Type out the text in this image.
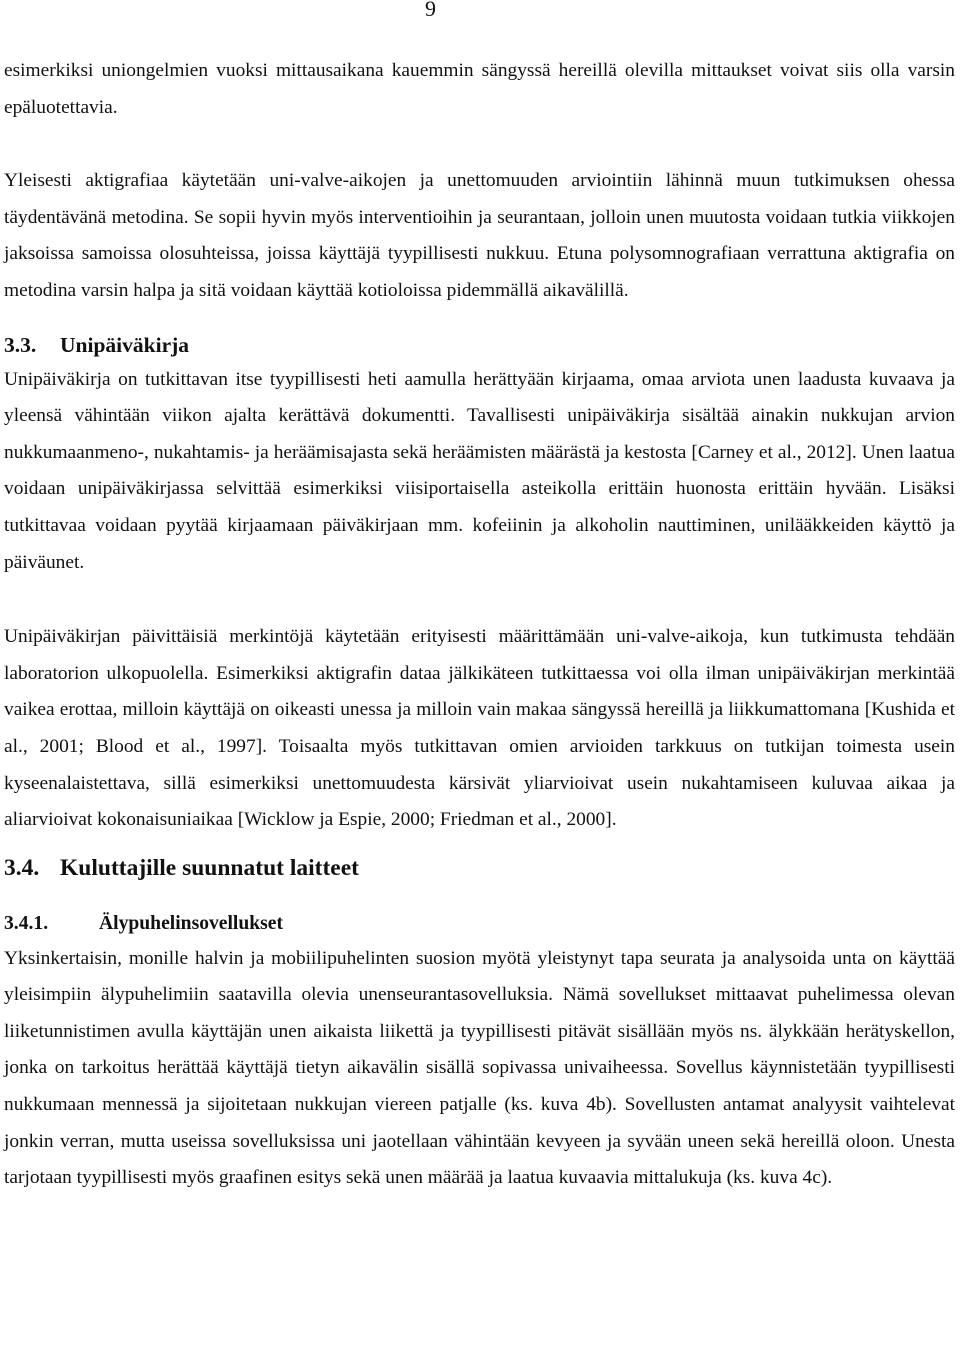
9

esimerkiksi uniongelmien vuoksi mittausaikana kauemmin sängyssä hereillä olevilla mittaukset voivat siis olla varsin epäluotettavia.

Yleisesti aktigrafiaa käytetään uni-valve-aikojen ja unettomuuden arviointiin lähinnä muun tutkimuksen ohessa täydentävänä metodina. Se sopii hyvin myös interventioihin ja seurantaan, jolloin unen muutosta voidaan tutkia viikkojen jaksoissa samoissa olosuhteissa, joissa käyttäjä tyypillisesti nukkuu. Etuna polysomnografiaan verrattuna aktigrafia on metodina varsin halpa ja sitä voidaan käyttää kotioloissa pidemmällä aikavälillä.

3.3. Unipäiväkirja

Unipäiväkirja on tutkittavan itse tyypillisesti heti aamulla herättyään kirjaama, omaa arviota unen laadusta kuvaava ja yleensä vähintään viikon ajalta kerättävä dokumentti. Tavallisesti unipäiväkirja sisältää ainakin nukkujan arvion nukkumaanmeno-, nukahtamis- ja heräämisajasta sekä heräämisten määrästä ja kestosta [Carney et al., 2012]. Unen laatua voidaan unipäiväkirjassa selvittää esimerkiksi viisiportaisella asteikolla erittäin huonosta erittäin hyvään. Lisäksi tutkittavaa voidaan pyytää kirjaamaan päiväkirjaan mm. kofeiinin ja alkoholin nauttiminen, unilääkkeiden käyttö ja päiväunet.

Unipäiväkirjan päivittäisiä merkintöjä käytetään erityisesti määrittämään uni-valve-aikoja, kun tutkimusta tehdään laboratorion ulkopuolella. Esimerkiksi aktigrafin dataa jälkikäteen tutkittaessa voi olla ilman unipäiväkirjan merkintää vaikea erottaa, milloin käyttäjä on oikeasti unessa ja milloin vain makaa sängyssä hereillä ja liikkumattomana [Kushida et al., 2001; Blood et al., 1997]. Toisaalta myös tutkittavan omien arvioiden tarkkuus on tutkijan toimesta usein kyseenalaistettava, sillä esimerkiksi unettomuudesta kärsivät yliarvioivat usein nukahtamiseen kuluvaa aikaa ja aliarvioivat kokonaisuniaikaa [Wicklow ja Espie, 2000; Friedman et al., 2000].

3.4. Kuluttajille suunnatut laitteet
3.4.1.	Älypuhelinsovellukset

Yksinkertaisin, monille halvin ja mobiilipuhelinten suosion myötä yleistynyt tapa seurata ja analysoida unta on käyttää yleisimpiin älypuhelimiin saatavilla olevia unenseurantasovelluksia. Nämä sovellukset mittaavat puhelimessa olevan liiketunnistimen avulla käyttäjän unen aikaista liikettä ja tyypillisesti pitävät sisällään myös ns. älykkään herätyskellon, jonka on tarkoitus herättää käyttäjä tietyn aikavälin sisällä sopivassa univaiheessa. Sovellus käynnistetään tyypillisesti nukkumaan mennessä ja sijoitetaan nukkujan viereen patjalle (ks. kuva 4b). Sovellusten antamat analyysit vaihtelevat jonkin verran, mutta useissa sovelluksissa uni jaotellaan vähintään kevyeen ja syvään uneen sekä hereillä oloon. Unesta tarjotaan tyypillisesti myös graafinen esitys sekä unen määrää ja laatua kuvaavia mittalukuja (ks. kuva 4c).
